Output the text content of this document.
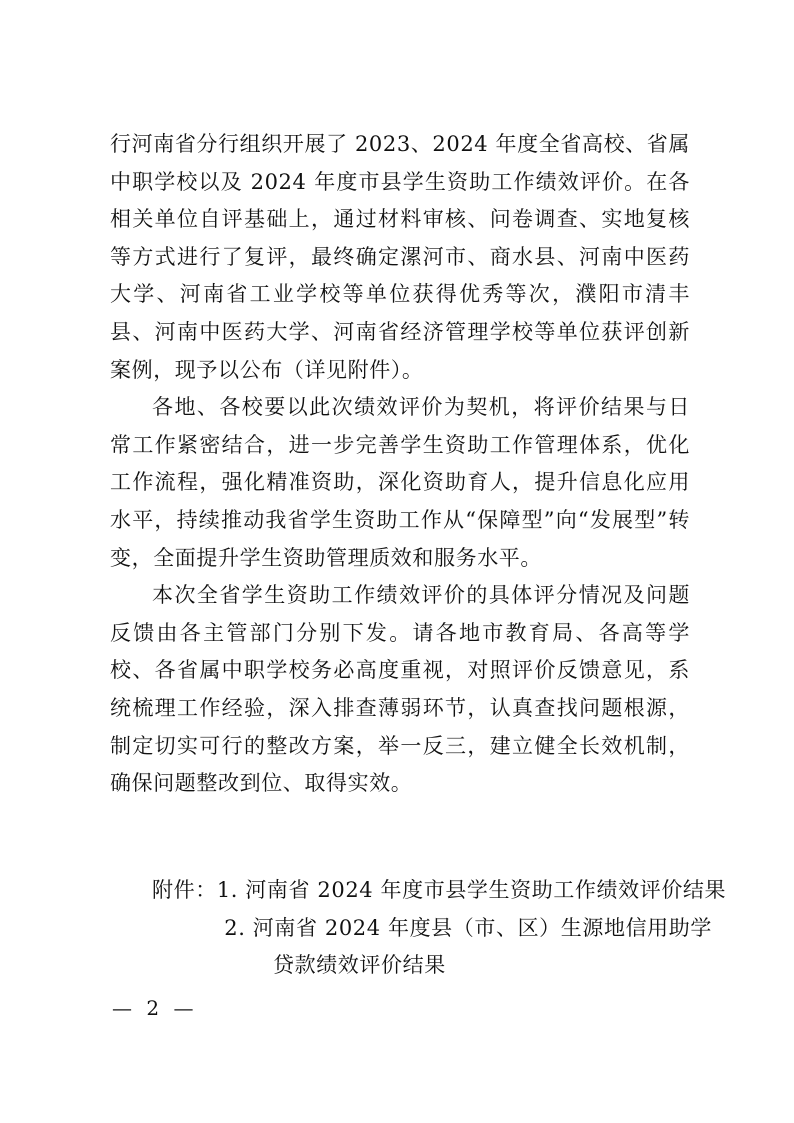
行河南省分行组织开展了 2023、2024 年度全省高校、省属中职学校以及 2024 年度市县学生资助工作绩效评价。在各相关单位自评基础上，通过材料审核、问卷调查、实地复核等方式进行了复评，最终确定漯河市、商水县、河南中医药大学、河南省工业学校等单位获得优秀等次，濮阳市清丰县、河南中医药大学、河南省经济管理学校等单位获评创新案例，现予以公布（详见附件）。

各地、各校要以此次绩效评价为契机，将评价结果与日常工作紧密结合，进一步完善学生资助工作管理体系，优化工作流程，强化精准资助，深化资助育人，提升信息化应用水平，持续推动我省学生资助工作从“保障型”向“发展型”转变，全面提升学生资助管理质效和服务水平。

本次全省学生资助工作绩效评价的具体评分情况及问题反馈由各主管部门分别下发。请各地市教育局、各高等学校、各省属中职学校务必高度重视，对照评价反馈意见，系统梳理工作经验，深入排查薄弱环节，认真查找问题根源，制定切实可行的整改方案，举一反三，建立健全长效机制，确保问题整改到位、取得实效。

附件： 1. 河南省 2024 年度市县学生资助工作绩效评价结果
2. 河南省 2024 年度县（市、区）生源地信用助学
贷款绩效评价结果
— 2 —
